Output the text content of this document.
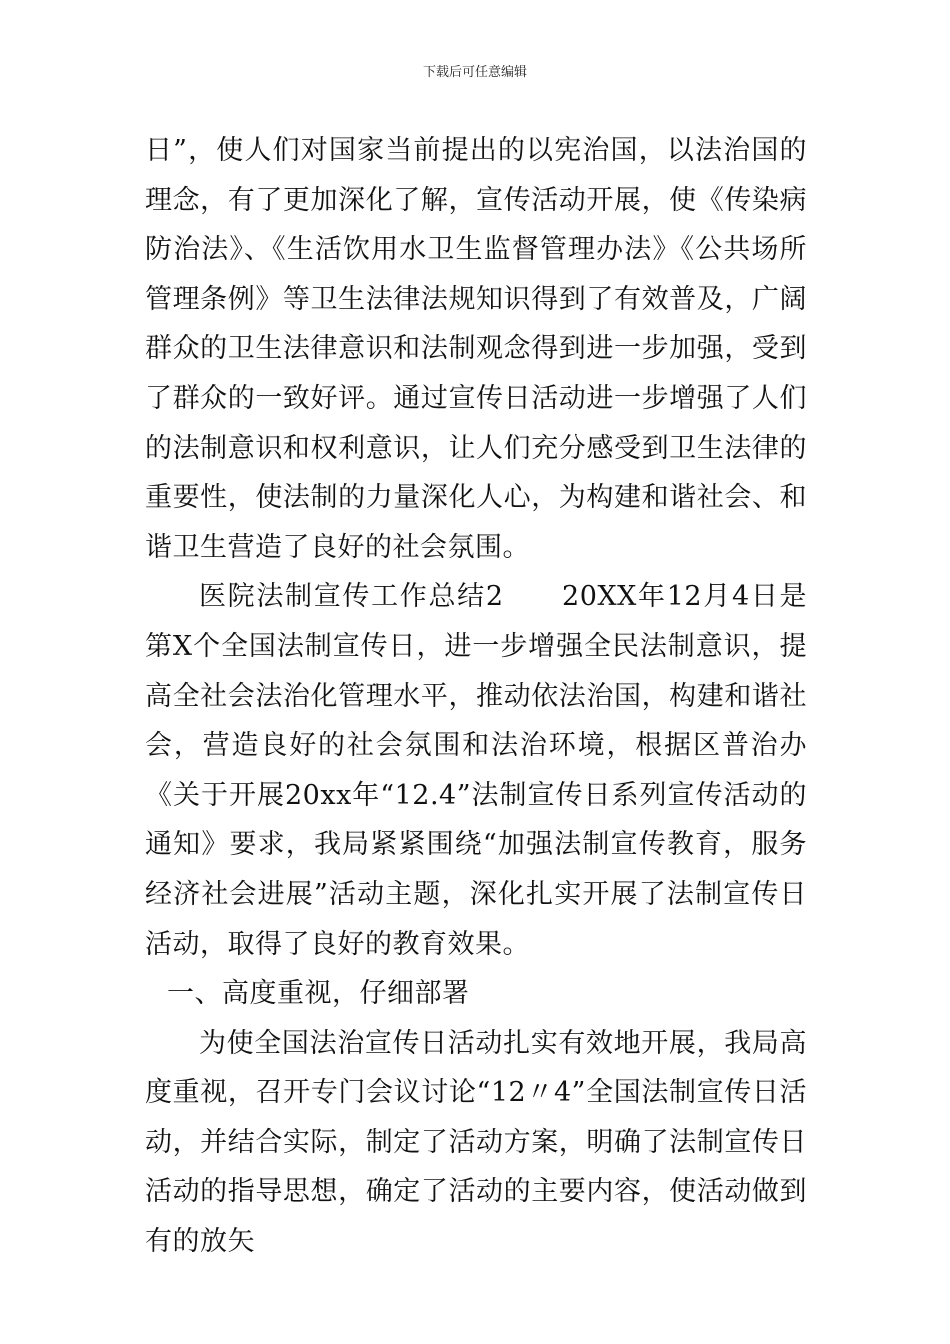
下载后可任意编辑

日”，使人们对国家当前提出的以宪治国，以法治国的理念，有了更加深化了解，宣传活动开展，使《传染病防治法》、《生活饮用水卫生监督管理办法》《公共场所管理条例》等卫生法律法规知识得到了有效普及，广阔群众的卫生法律意识和法制观念得到进一步加强，受到了群众的一致好评。通过宣传日活动进一步增强了人们的法制意识和权利意识，让人们充分感受到卫生法律的重要性，使法制的力量深化人心，为构建和谐社会、和谐卫生营造了良好的社会氛围。

医院法制宣传工作总结2　　20XX年12月4日是第X个全国法制宣传日，进一步增强全民法制意识，提高全社会法治化管理水平，推动依法治国，构建和谐社会，营造良好的社会氛围和法治环境，根据区普治办《关于开展20xx年“12.4”法制宣传日系列宣传活动的通知》要求，我局紧紧围绕“加强法制宣传教育，服务经济社会进展”活动主题，深化扎实开展了法制宣传日活动，取得了良好的教育效果。

一、高度重视，仔细部署

为使全国法治宣传日活动扎实有效地开展，我局高度重视，召开专门会议讨论“12〃4”全国法制宣传日活动，并结合实际，制定了活动方案，明确了法制宣传日活动的指导思想，确定了活动的主要内容，使活动做到有的放矢
